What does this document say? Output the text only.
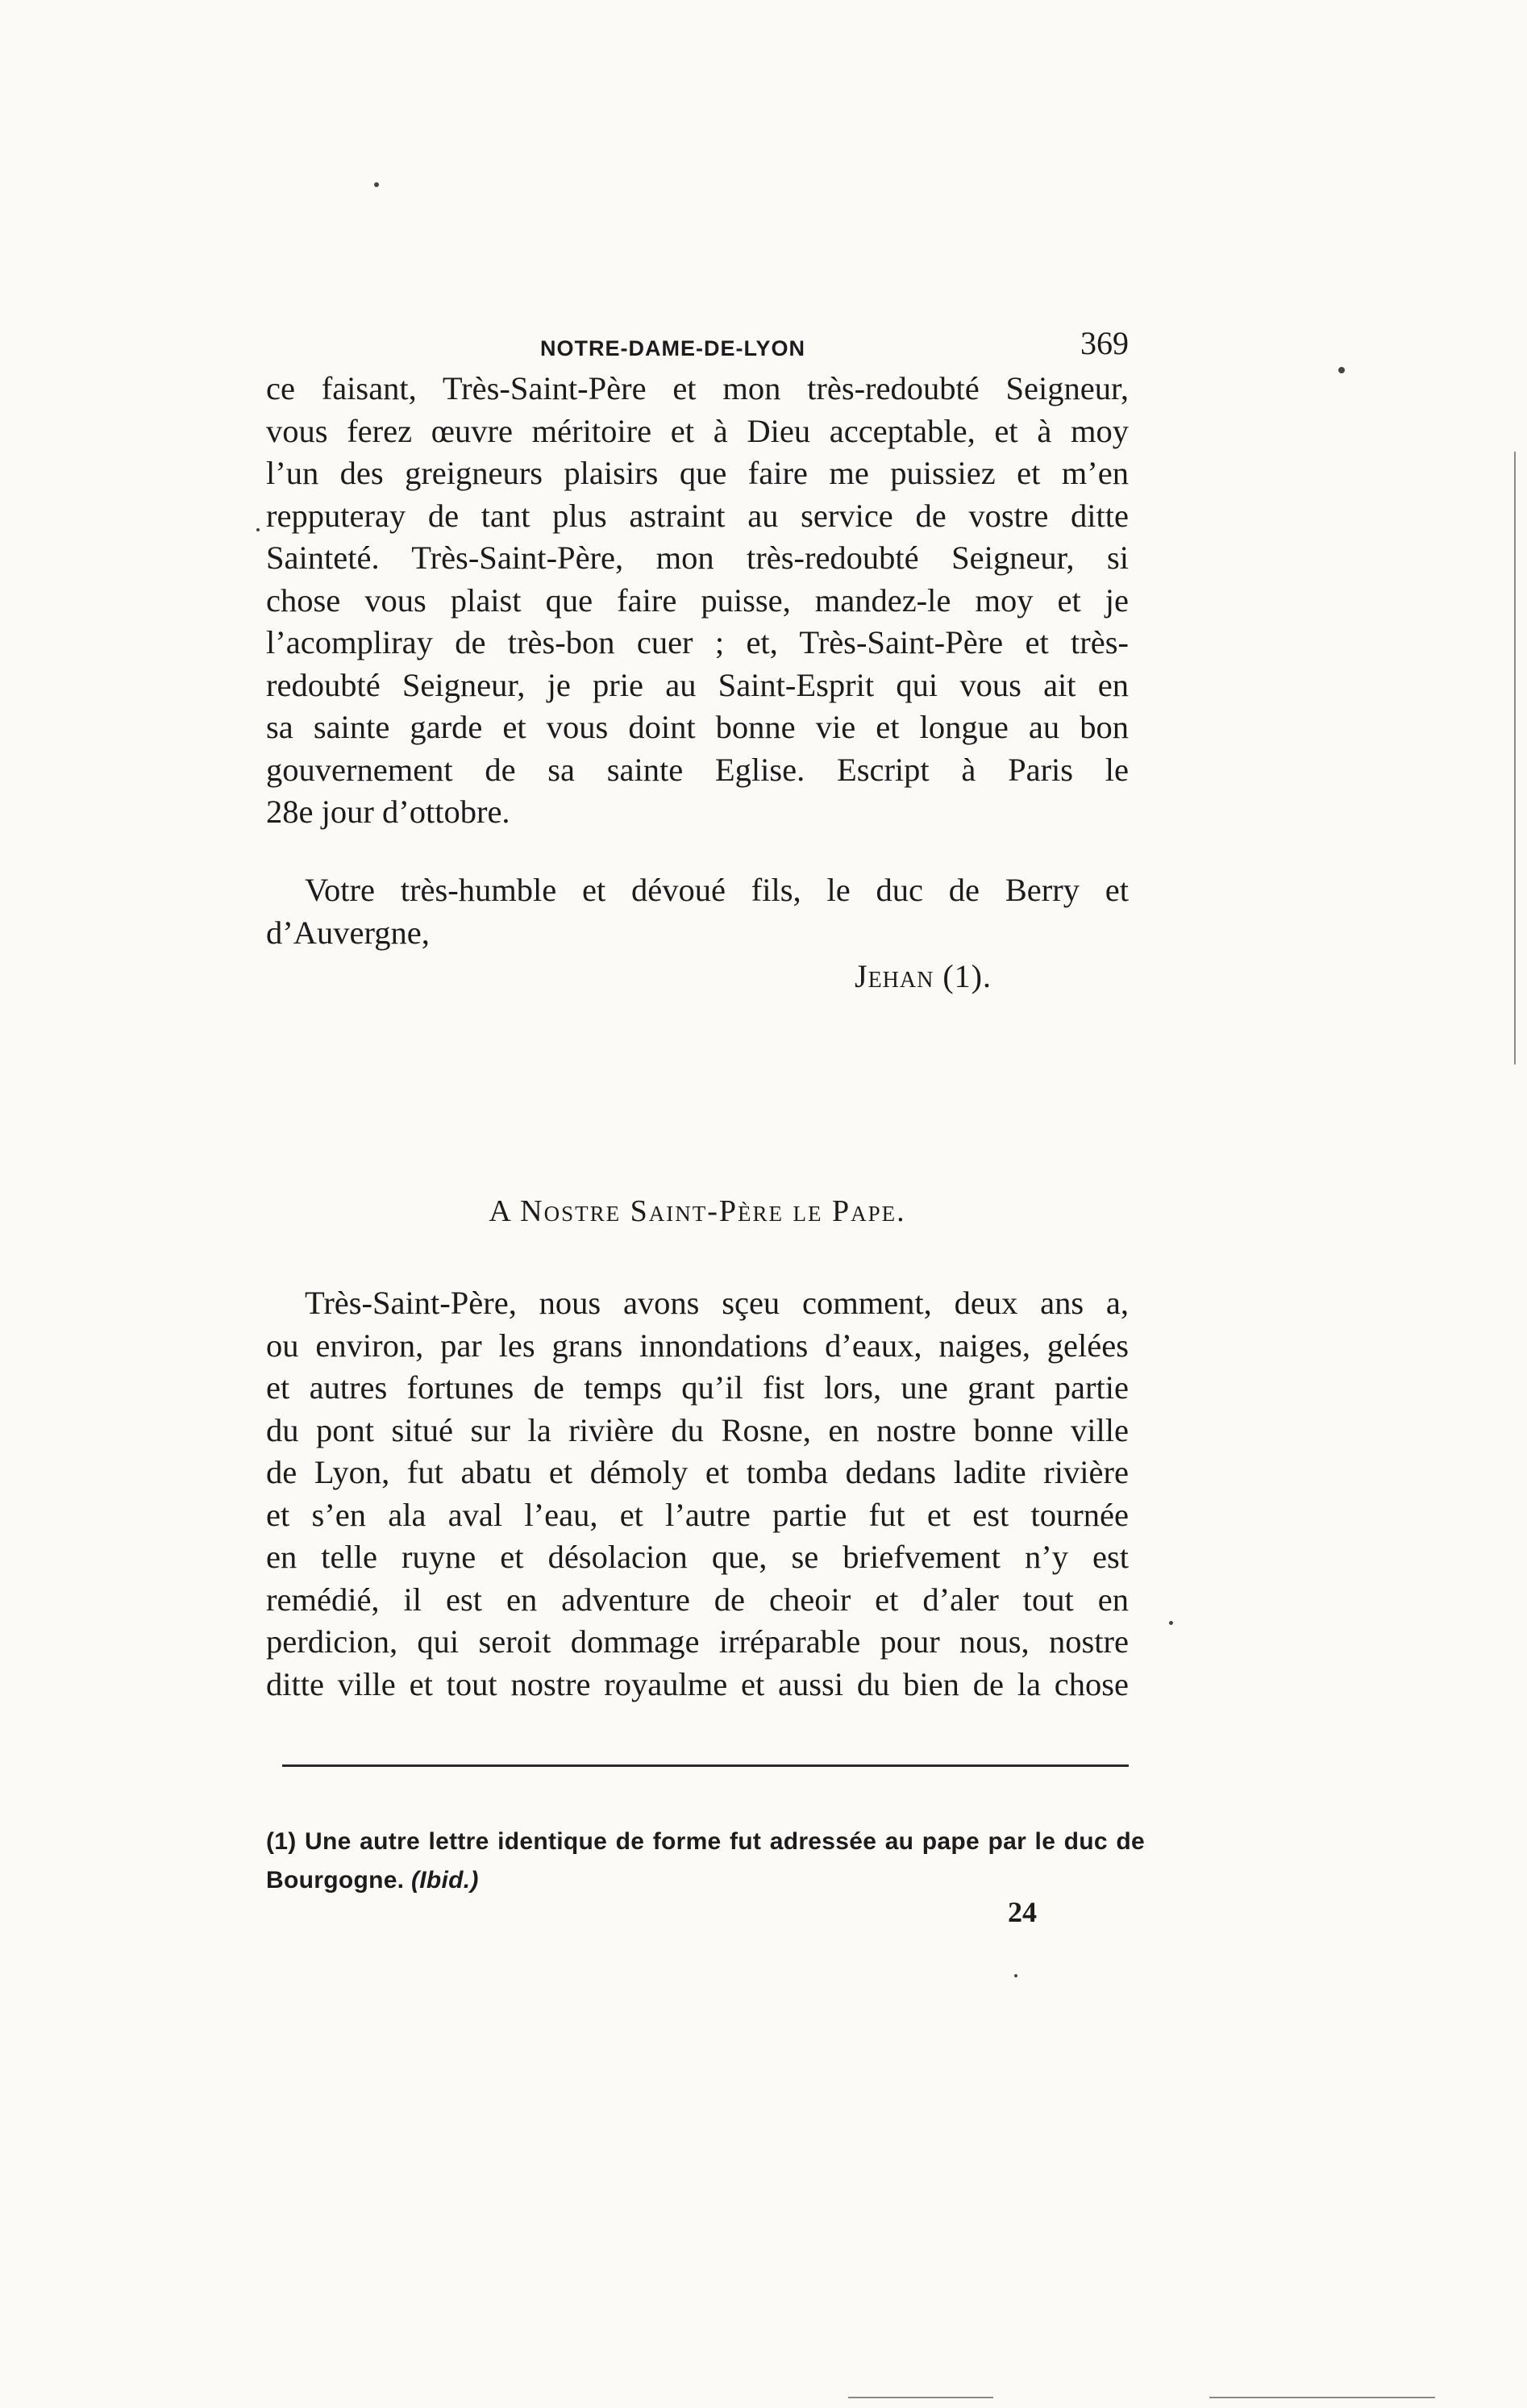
NOTRE-DAME-DE-LYON	369
ce faisant, Très-Saint-Père et mon très-redoubté Seigneur,
vous ferez œuvre méritoire et à Dieu acceptable, et à moy
l’un des greigneurs plaisirs que faire me puissiez et m’en
repputeray de tant plus astraint au service de vostre ditte
Sainteté. Très-Saint-Père, mon très-redoubté Seigneur, si
chose vous plaist que faire puisse, mandez-le moy et je
l’acompliray de très-bon cuer ; et, Très-Saint-Père et très-
redoubté Seigneur, je prie au Saint-Esprit qui vous ait en
sa sainte garde et vous doint bonne vie et longue au bon
gouvernement de sa sainte Eglise. Escript à Paris le
28e jour d’ottobre.
Votre très-humble et dévoué fils, le duc de Berry et
d’Auvergne,
Jehan (1).
A Nostre Saint-Père le Pape.
Très-Saint-Père, nous avons sçeu comment, deux ans a,
ou environ, par les grans innondations d’eaux, naiges, gelées
et autres fortunes de temps qu’il fist lors, une grant partie
du pont situé sur la rivière du Rosne, en nostre bonne ville
de Lyon, fut abatu et démoly et tomba dedans ladite rivière
et s’en ala aval l’eau, et l’autre partie fut et est tournée
en telle ruyne et désolacion que, se briefvement n’y est
remédié, il est en adventure de cheoir et d’aler tout en
perdicion, qui seroit dommage irréparable pour nous, nostre
ditte ville et tout nostre royaulme et aussi du bien de la chose
(1) Une autre lettre identique de forme fut adressée au pape par le duc de Bourgogne. (Ibid.)
24
